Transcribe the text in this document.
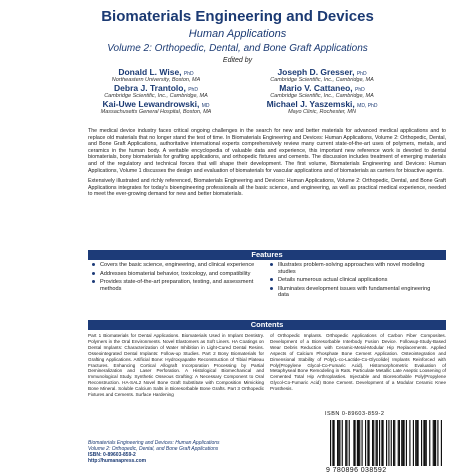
Biomaterials Engineering and Devices
Human Applications
Volume 2: Orthopedic, Dental, and Bone Graft Applications
Edited by
Donald L. Wise, PhD
Northeastern University, Boston, MA
Joseph D. Gresser, PhD
Cambridge Scientific, Inc., Cambridge, MA
Debra J. Trantolo, PhD
Cambridge Scientific, Inc., Cambridge, MA
Mario V. Cattaneo, PhD
Cambridge Scientific, Inc., Cambridge, MA
Kai-Uwe Lewandrowski, MD
Massachusetts General Hospital, Boston, MA
Michael J. Yaszemski, MD, PhD
Mayo Clinic, Rochester, MN

The medical device industry faces critical ongoing challenges in the search for new and better materials for advanced medical applications and to replace old materials that no longer stand the test of time. In Biomaterials Engineering and Devices: Human Applications, Volume 2: Orthopedic, Dental, and Bone Graft Applications, authoritative international experts comprehensively review many current state-of-the-art uses of polymers, metals, and ceramics in the human body. A veritable encyclopedia of valuable data and experience, this important new reference work is devoted to dental biomaterials, bony biomaterials for grafting applications, and orthopedic fixtures and cements. The discussion includes treatment of emerging materials and of the regulatory and technical forces that will shape their development. The first volume, Biomaterials Engineering and Devices: Human Applications, Volume 1 discusses the design and evaluation of biomaterials for vascular applications and of biomaterials as carriers for bioactive agents.

Extensively illustrated and richly referenced, Biomaterials Engineering and Devices: Human Applications, Volume 2: Orthopedic, Dental, and Bone Graft Applications integrates for today's bioengineering professionals all the basic science, and engineering, as well as practical medical experience, needed to meet the ever-growing demand for new and better biomaterials.

Features
Covers the basic science, engineering, and clinical experience
Addresses biomaterial behavior, toxicology, and compatibility
Provides state-of-the-art preparation, testing, and assessment methods
Illustrates problem-solving approaches with novel modeling studies
Details numerous actual clinical applications
Illuminates development issues with fundamental engineering data
Contents
Part 1 Biomaterials for Dental Applications. Biomaterials Used in Implant Dentistry. Polymers in the Oral Environments. Novel Elastomers as Soft Liners. HA Coatings on Dental Implants: Characterization of Water Inhibition in Light-Cured Dental Resins. Osseointegrated Dental Implants: Follow-up Studies. Part 2 Bony Biomaterials for Grafting Applications. Artificial Bone: Hydroxyapatite Reconstruction of Tibial Plateau Fractures. Enhancing Cortical Allograft Incorporation Processing by Partial Demineralization and Laser Perforation. A Histological Biomechanical and Immunological Study. Synthetic Osseous Grafting: A Necessary Component to Oral Reconstruction. HA-SAL2 Novel Bone Graft Substitute with Composition Mimicking Bone Mineral. Soluble Calcium Salts in Bioresorbable Bone Grafts. Part 3 Orthopedic Fixtures and Cements. Surface Hardening
of Orthopedic Implants. Orthopedic Applications of Carbon Fiber Composites. Development of a Bioresorbable Interbody Fusion Device. Followup-Study-Based Wear Debris Reduction with Ceramic-Metal-Modular Hip Replacements. Applied Aspects of Calcium Phosphate Bone Cement Application. Osteointegration and Dimensional Stability of Poly(L-co-Lactide-Co-Glycolide) Implants Reinforced with Poly(Propylene Glycol-Co-Fumaric Acid). Histomorphometric Evaluation of Metaphyseal Bone Remodeling in Rats. Particulate Metallic Late Aseptic Loosening of Cemented Total Hip Arthroplasties. Injectable and Bioresorbable Poly(Propylene Glycol-Co-Fumaric Acid) Bone Cement. Development of a Modular Ceramic Knee Prosthesis.
ISBN 0-89603-859-2
9 780896 038592
Biomaterials Engineering and Devices: Human Applications
Volume 2: Orthopedic, Dental, and Bone Graft Applications
ISBN: 0-89603-859-2
http://humanapress.com
